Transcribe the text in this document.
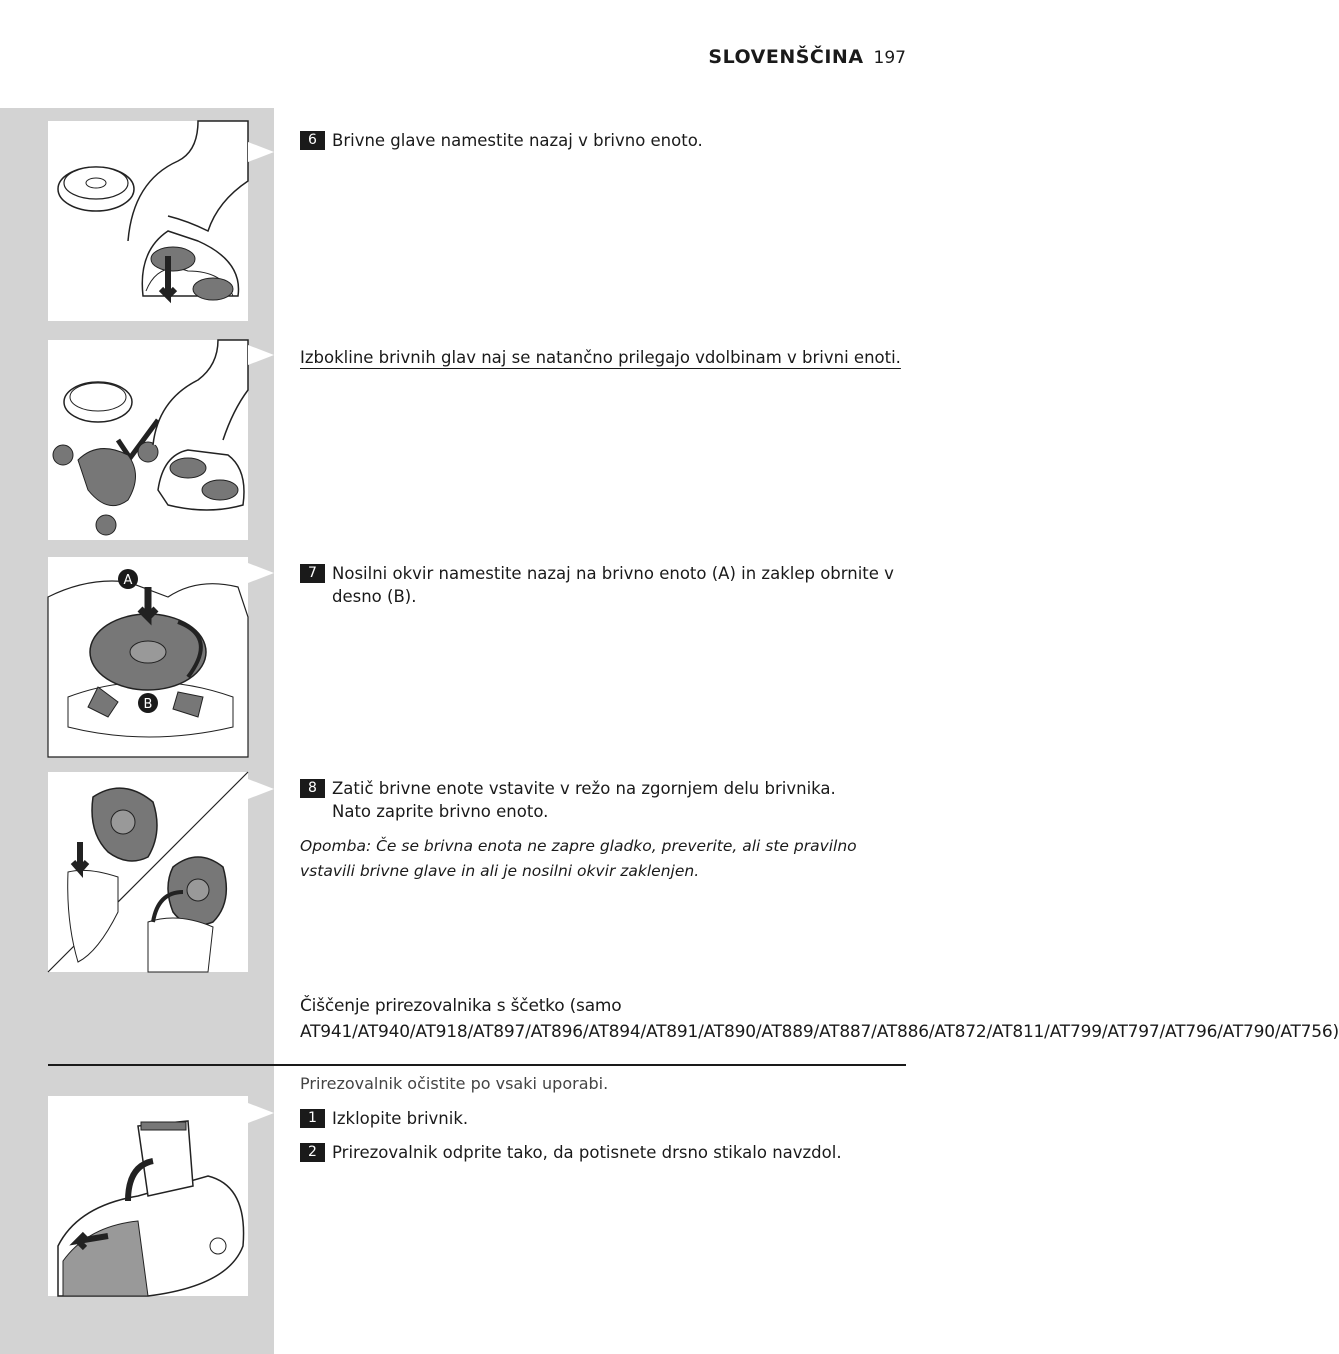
SLOVENŠČINA 197
A
B
6 Brivne glave namestite nazaj v brivno enoto.
Izbokline brivnih glav naj se natančno prilegajo vdolbinam v brivni enoti.
7 Nosilni okvir namestite nazaj na brivno enoto (A) in zaklep obrnite v desno (B).
8 Zatič brivne enote vstavite v režo na zgornjem delu brivnika.
Nato zaprite brivno enoto.
Opomba: Če se brivna enota ne zapre gladko, preverite, ali ste pravilno vstavili brivne glave in ali je nosilni okvir zaklenjen.
Čiščenje prirezovalnika s ščetko (samo AT941/AT940/AT918/AT897/AT896/AT894/AT891/AT890/AT889/AT887/AT886/AT872/AT811/AT799/AT797/AT796/AT790/AT756)
Prirezovalnik očistite po vsaki uporabi.
1 Izklopite brivnik.
2 Prirezovalnik odprite tako, da potisnete drsno stikalo navzdol.
